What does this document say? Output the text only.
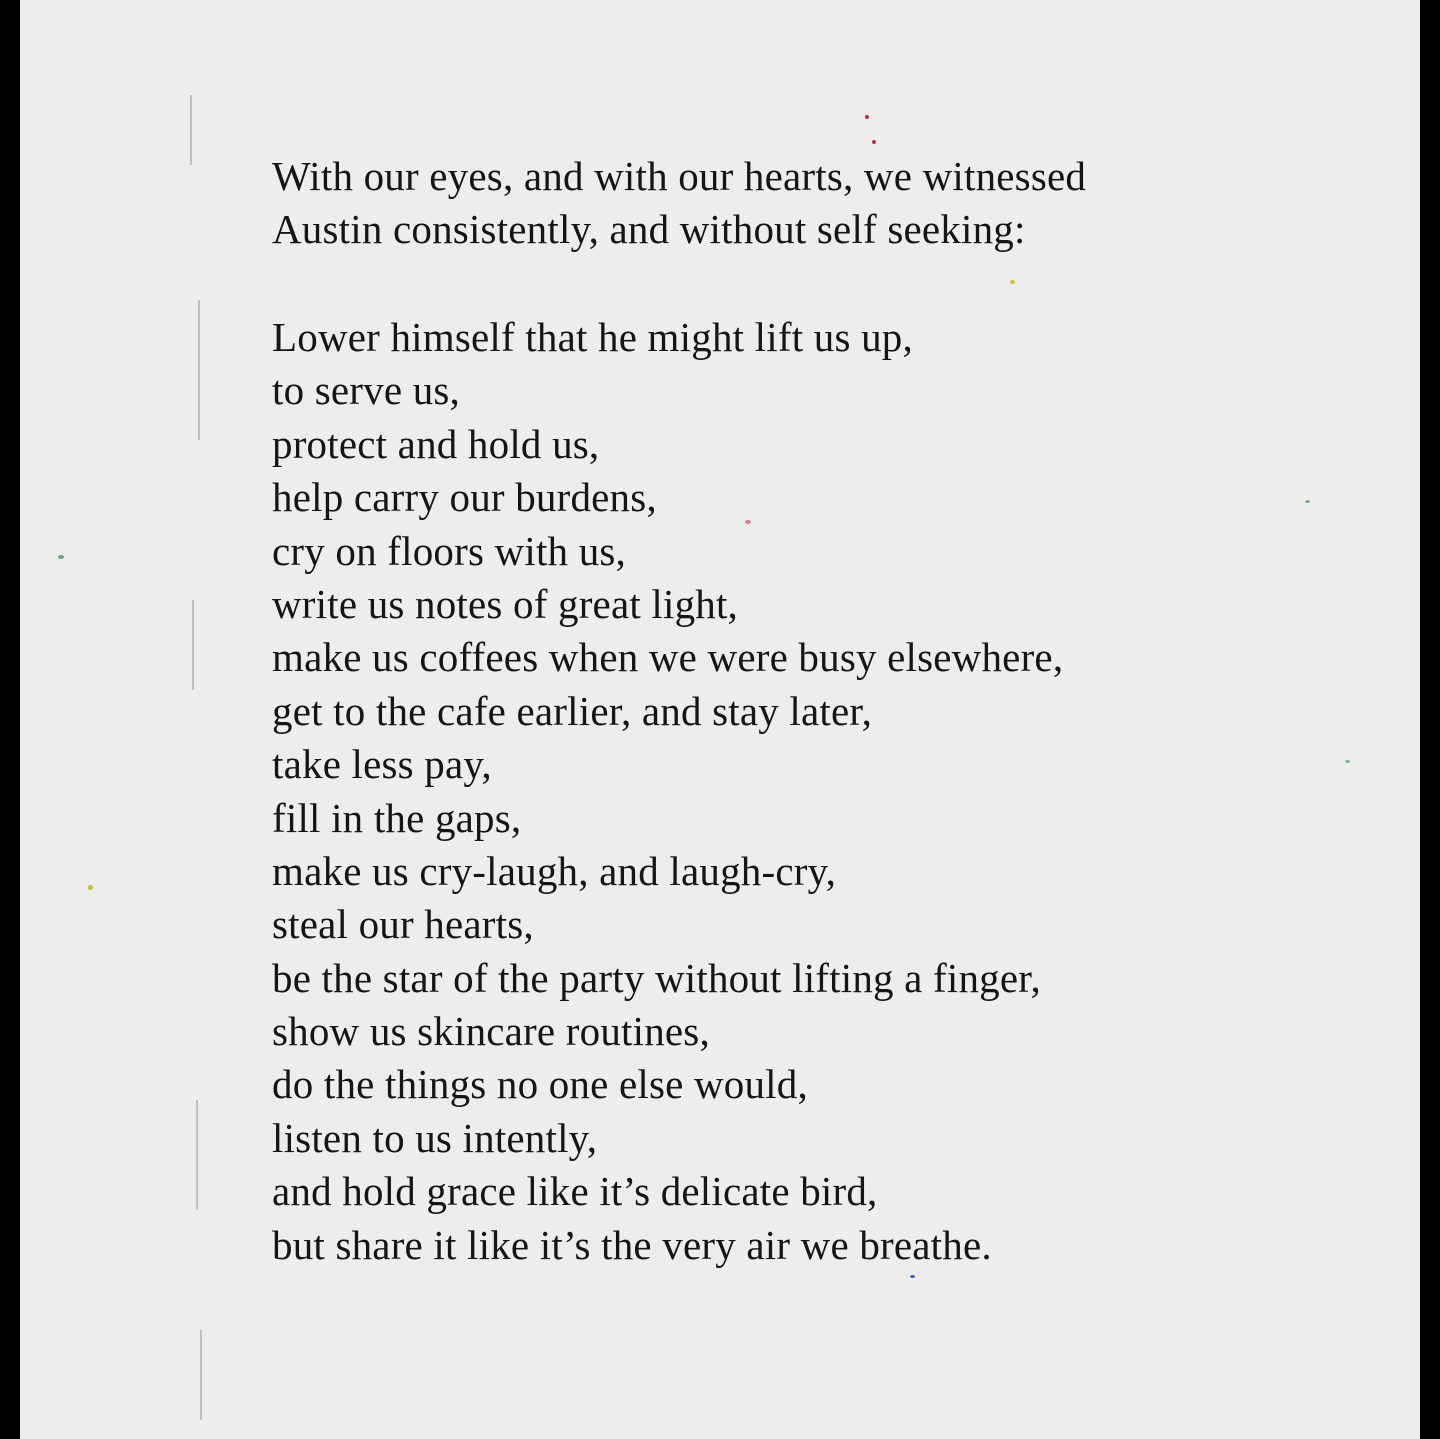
With our eyes, and with our hearts, we witnessed
Austin consistently, and without self seeking:
Lower himself that he might lift us up,
to serve us,
protect and hold us,
help carry our burdens,
cry on floors with us,
write us notes of great light,
make us coffees when we were busy elsewhere,
get to the cafe earlier, and stay later,
take less pay,
fill in the gaps,
make us cry-laugh, and laugh-cry,
steal our hearts,
be the star of the party without lifting a finger,
show us skincare routines,
do the things no one else would,
listen to us intently,
and hold grace like it’s delicate bird,
but share it like it’s the very air we breathe.
